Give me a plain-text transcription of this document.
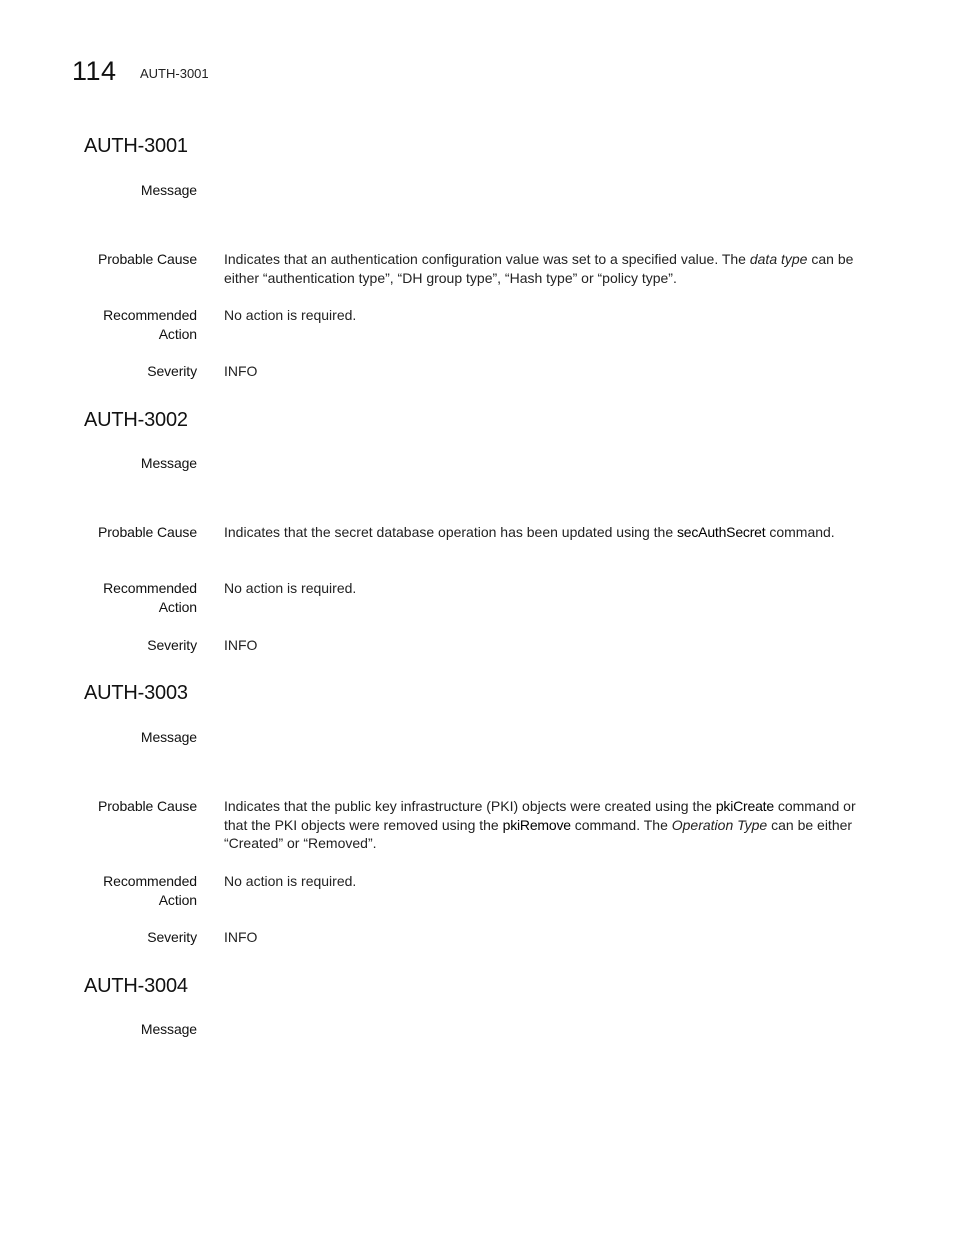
114 AUTH-3001
AUTH-3001
Message
Probable Cause Indicates that an authentication configuration value was set to a specified value. The data type can be either “authentication type”, “DH group type”, “Hash type” or “policy type”.
Recommended
Action
No action is required.
Severity INFO
AUTH-3002
Message
Probable Cause Indicates that the secret database operation has been updated using the secAuthSecret command.
Recommended
Action
No action is required.
Severity INFO
AUTH-3003
Message
Probable Cause Indicates that the public key infrastructure (PKI) objects were created using the pkiCreate command or that the PKI objects were removed using the pkiRemove command. The Operation Type can be either “Created” or “Removed”.
Recommended
Action
No action is required.
Severity INFO
AUTH-3004
Message
